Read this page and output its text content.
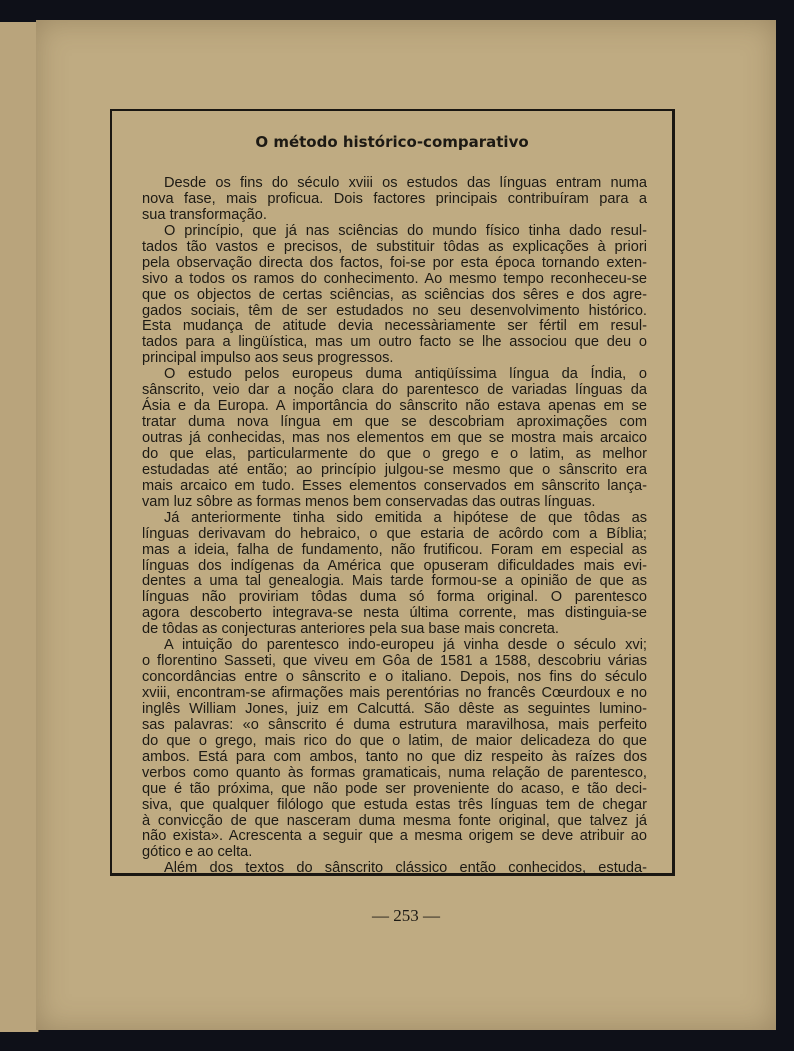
O método histórico-comparativo
Desde os fins do século xviii os estudos das línguas entram numa
nova fase, mais proficua. Dois factores principais contribuíram para a
sua transformação.
O princípio, que já nas sciências do mundo físico tinha dado resul-
tados tão vastos e precisos, de substituir tôdas as explicações à priori
pela observação directa dos factos, foi-se por esta época tornando exten-
sivo a todos os ramos do conhecimento. Ao mesmo tempo reconheceu-se
que os objectos de certas sciências, as sciências dos sêres e dos agre-
gados sociais, têm de ser estudados no seu desenvolvimento histórico.
Esta mudança de atitude devia necessàriamente ser fértil em resul-
tados para a lingüística, mas um outro facto se lhe associou que deu o
principal impulso aos seus progressos.
O estudo pelos europeus duma antiqüíssima língua da Índia, o
sânscrito, veio dar a noção clara do parentesco de variadas línguas da
Ásia e da Europa. A importância do sânscrito não estava apenas em se
tratar duma nova língua em que se descobriam aproximações com
outras já conhecidas, mas nos elementos em que se mostra mais arcaico
do que elas, particularmente do que o grego e o latim, as melhor
estudadas até então; ao princípio julgou-se mesmo que o sânscrito era
mais arcaico em tudo. Esses elementos conservados em sânscrito lança-
vam luz sôbre as formas menos bem conservadas das outras línguas.
Já anteriormente tinha sido emitida a hipótese de que tôdas as
línguas derivavam do hebraico, o que estaria de acôrdo com a Bíblia;
mas a ideia, falha de fundamento, não frutificou. Foram em especial as
línguas dos indígenas da América que opuseram dificuldades mais evi-
dentes a uma tal genealogia. Mais tarde formou-se a opinião de que as
línguas não proviriam tôdas duma só forma original. O parentesco
agora descoberto integrava-se nesta última corrente, mas distinguia-se
de tôdas as conjecturas anteriores pela sua base mais concreta.
A intuição do parentesco indo-europeu já vinha desde o século xvi;
o florentino Sasseti, que viveu em Gôa de 1581 a 1588, descobriu várias
concordâncias entre o sânscrito e o italiano. Depois, nos fins do século
xviii, encontram-se afirmações mais perentórias no francês Cœurdoux e no
inglês William Jones, juiz em Calcuttá. São dêste as seguintes lumino-
sas palavras: «o sânscrito é duma estrutura maravilhosa, mais perfeito
do que o grego, mais rico do que o latim, de maior delicadeza do que
ambos. Está para com ambos, tanto no que diz respeito às raízes dos
verbos como quanto às formas gramaticais, numa relação de parentesco,
que é tão próxima, que não pode ser proveniente do acaso, e tão deci-
siva, que qualquer filólogo que estuda estas três línguas tem de chegar
à convicção de que nasceram duma mesma fonte original, que talvez já
não exista». Acrescenta a seguir que a mesma origem se deve atribuir ao
gótico e ao celta.
Além dos textos do sânscrito clássico então conhecidos, estuda-
— 253 —
